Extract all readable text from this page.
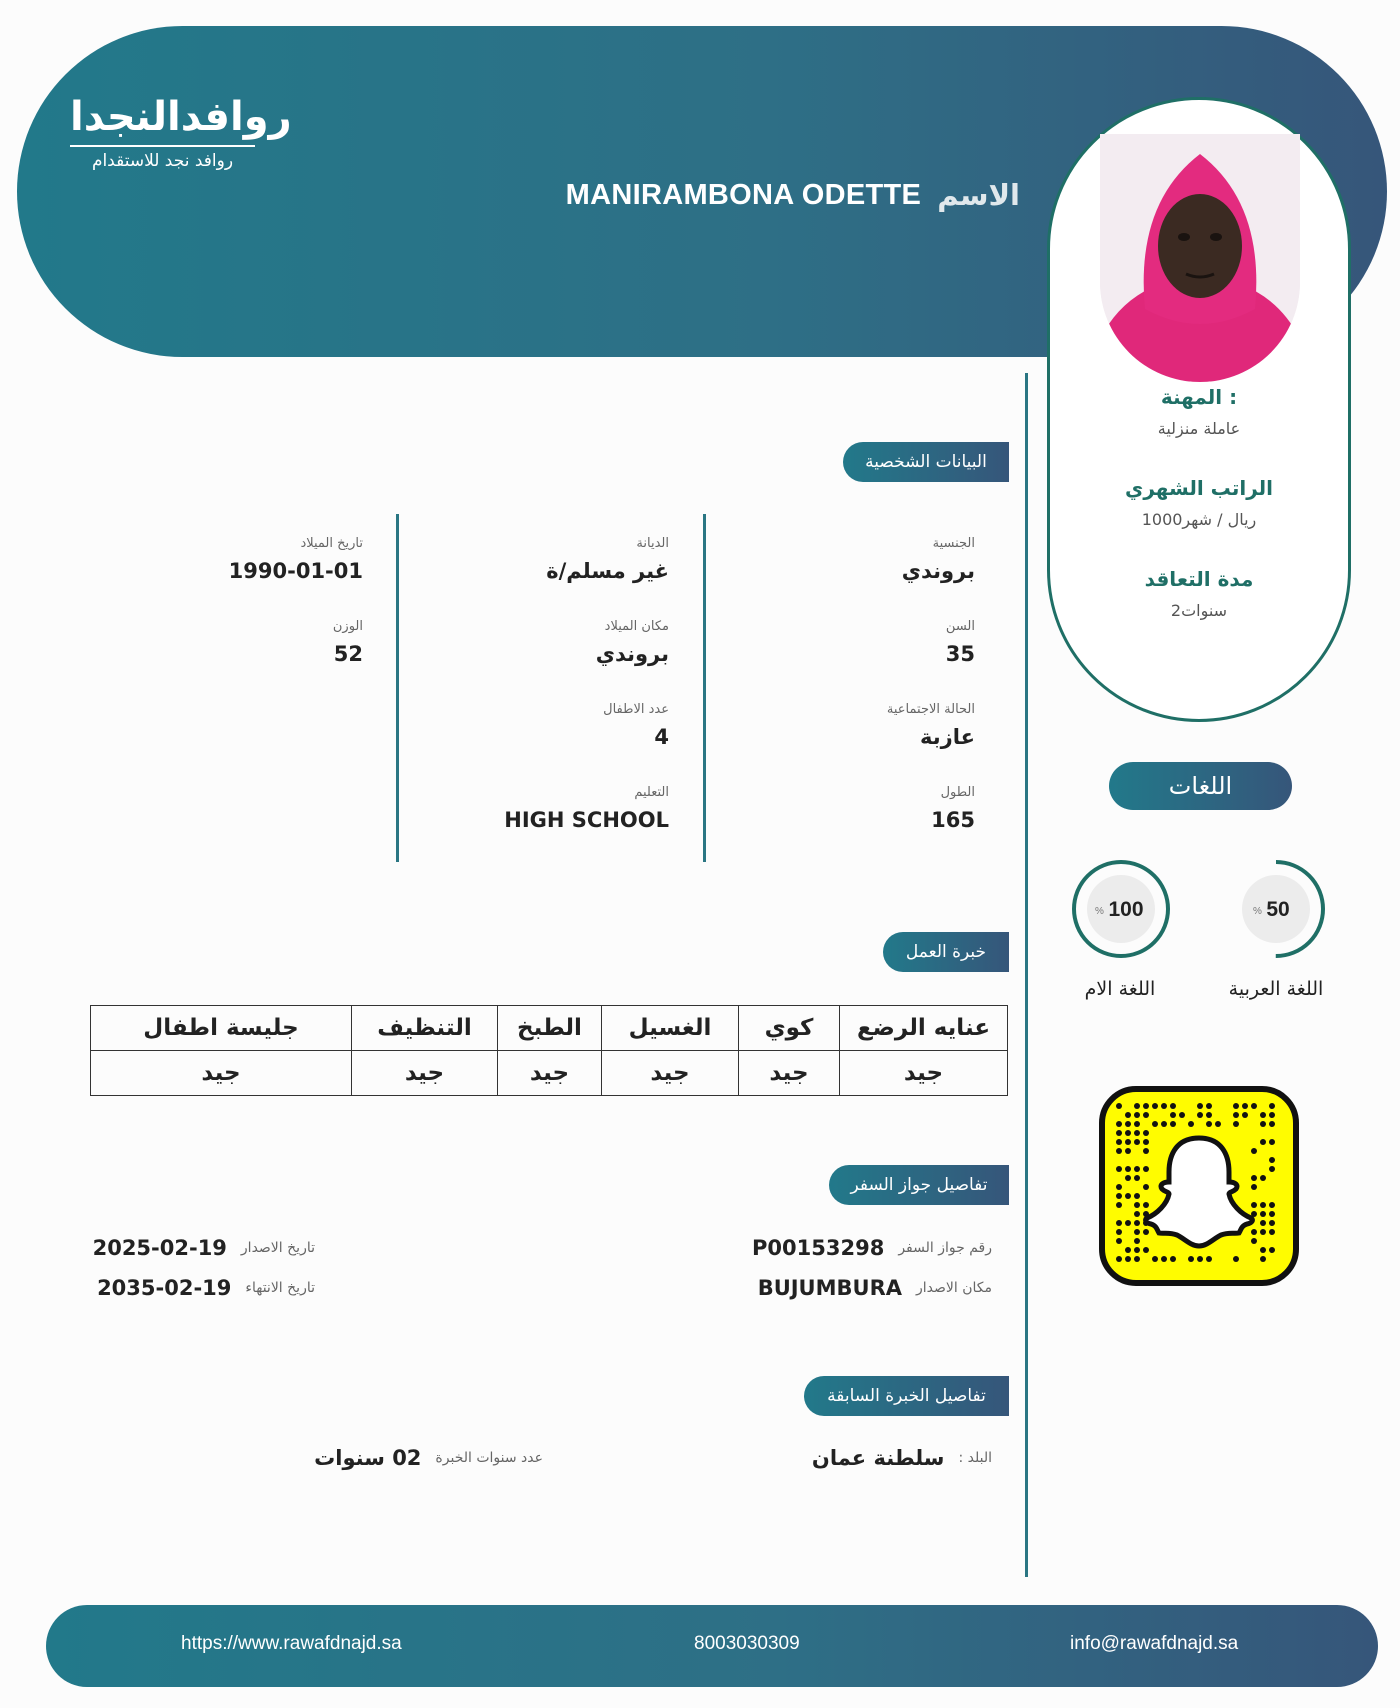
روافدالنجدا
روافد نجد للاستقدام
MANIRAMBONA ODETTE الاسم
المهنة :
عاملة منزلية
الراتب الشهري
1000ريال / شهر
مدة التعاقد
2سنوات
البيانات الشخصية
الجنسية
بروندي
السن
35
الحالة الاجتماعية
عازبة
الطول
165
الديانة
غير مسلم/ة
مكان الميلاد
بروندي
عدد الاطفال
4
التعليم
HIGH SCHOOL
تاريخ الميلاد
1990-01-01
الوزن
52
خبرة العمل
عنايه الرضع	كوي	الغسيل	الطبخ	التنظيف	جليسة اطفال
جيد	جيد	جيد	جيد	جيد	جيد
اللغات
50
%
100
%
اللغة العربية
اللغة الام
تفاصيل جواز السفر
رقم جواز السفر
P00153298
مكان الاصدار
BUJUMBURA
تاريخ الاصدار
2025-02-19
تاريخ الانتهاء
2035-02-19
تفاصيل الخبرة السابقة
البلد :
سلطنة عمان
عدد سنوات الخبرة
02 سنوات
https://www.rawafdnajd.sa	8003030309	info@rawafdnajd.sa
